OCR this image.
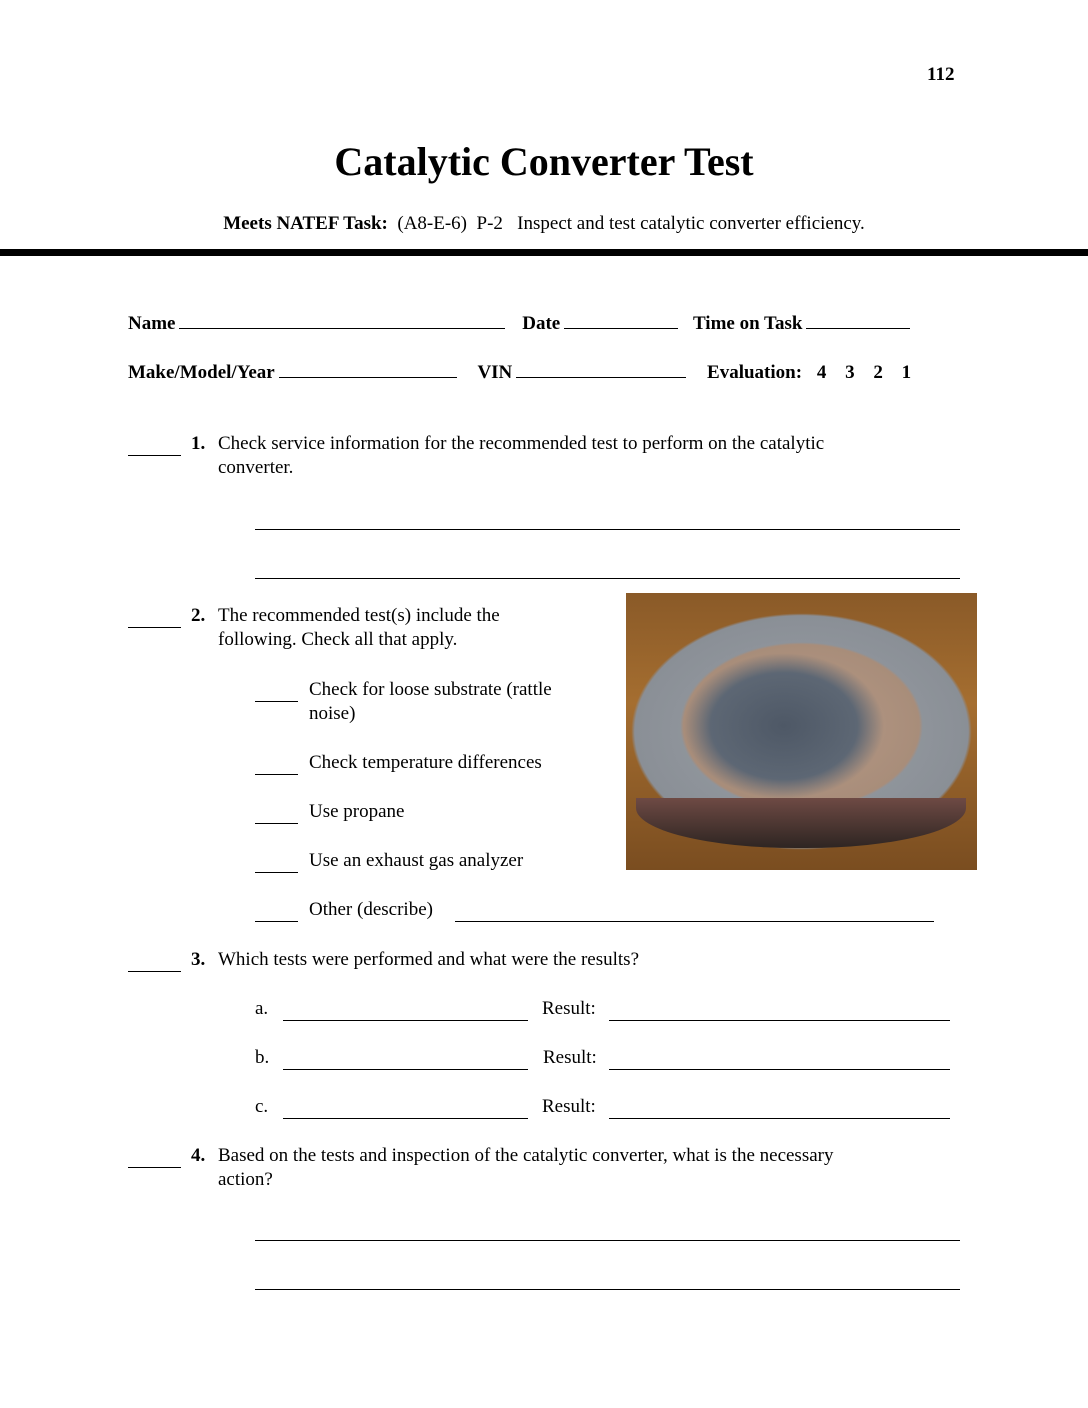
112
Catalytic Converter Test
Meets NATEF Task: (A8-E-6) P-2 Inspect and test catalytic converter efficiency.
Name	Date	Time on Task
Make/Model/Year	VIN	Evaluation: 4 3 2 1
1. Check service information for the recommended test to perform on the catalytic
converter.
2. The recommended test(s) include the
following. Check all that apply.
Check for loose substrate (rattle
noise)
Check temperature differences
Use propane
Use an exhaust gas analyzer
Other (describe)
3. Which tests were performed and what were the results?
a.	Result:
b.	Result:
c.	Result:
4. Based on the tests and inspection of the catalytic converter, what is the necessary
action?
